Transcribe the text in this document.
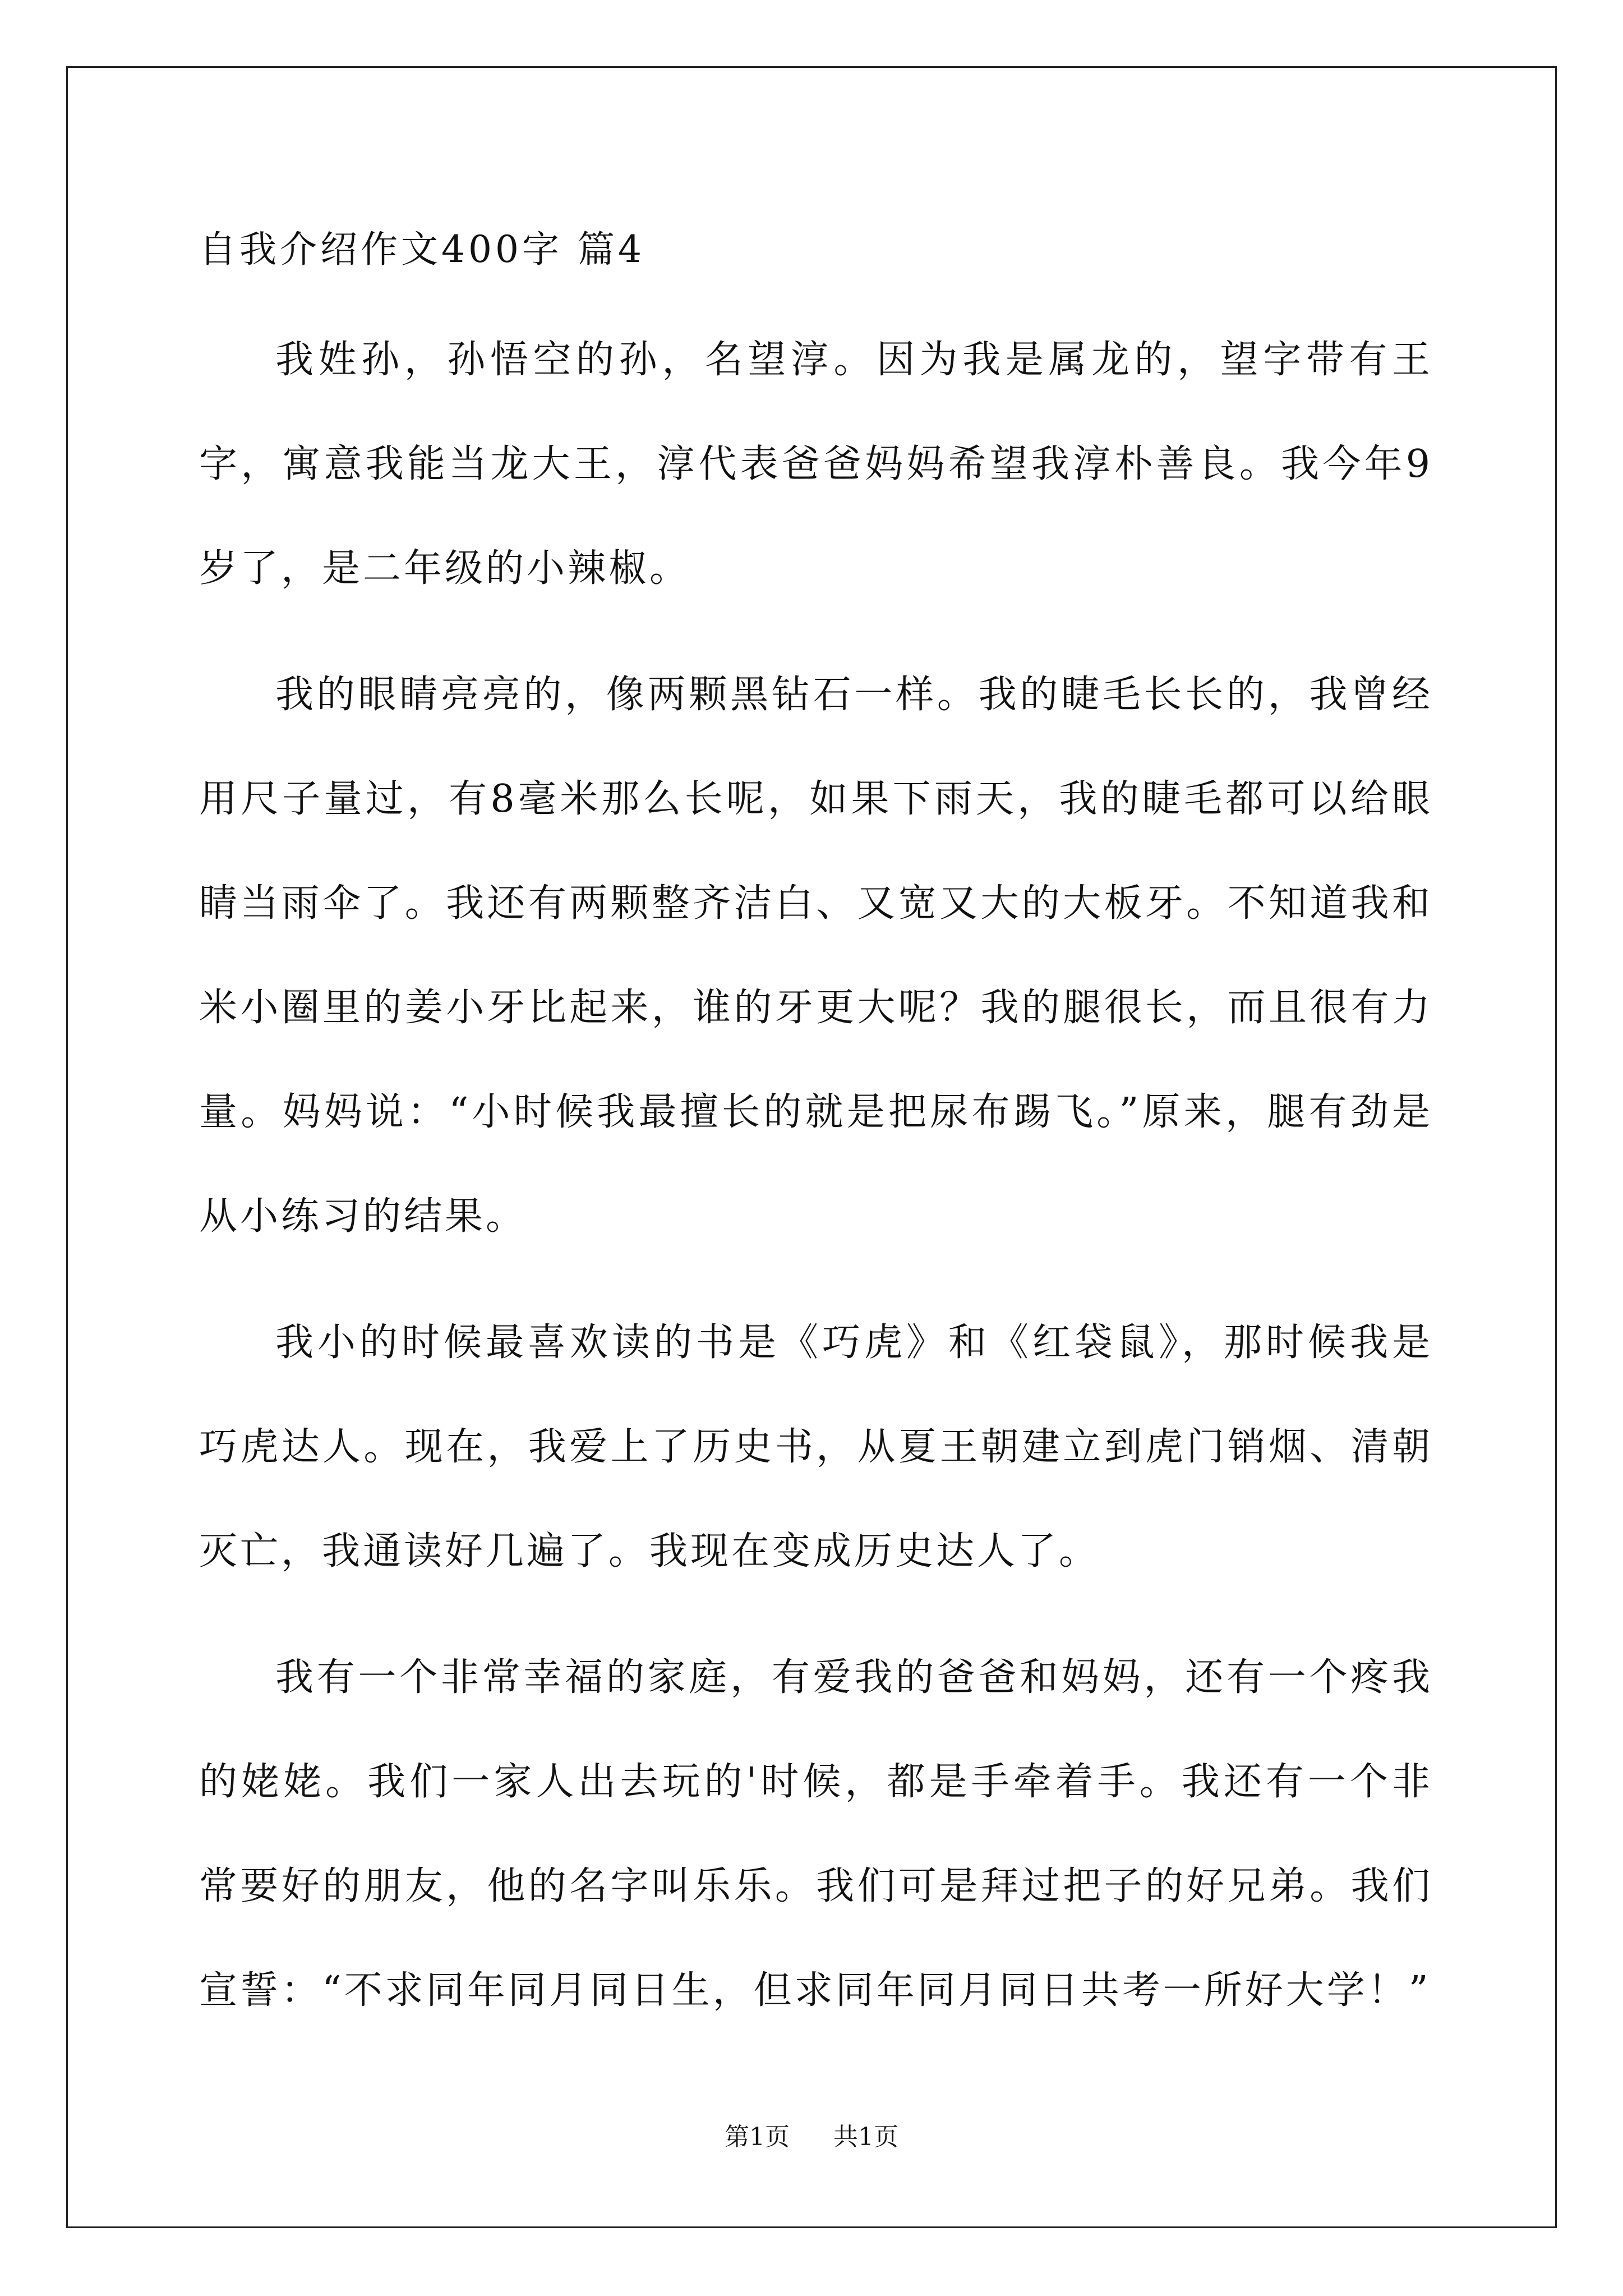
自我介绍作文400字 篇4

我姓孙，孙悟空的孙，名望淳。因为我是属龙的，望字带有王字，寓意我能当龙大王，淳代表爸爸妈妈希望我淳朴善良。我今年9岁了，是二年级的小辣椒。

我的眼睛亮亮的，像两颗黑钻石一样。我的睫毛长长的，我曾经用尺子量过，有8毫米那么长呢，如果下雨天，我的睫毛都可以给眼睛当雨伞了。我还有两颗整齐洁白、又宽又大的大板牙。不知道我和米小圈里的姜小牙比起来，谁的牙更大呢？我的腿很长，而且很有力量。妈妈说：“小时候我最擅长的就是把尿布踢飞。”原来，腿有劲是从小练习的结果。

我小的时候最喜欢读的书是《巧虎》和《红袋鼠》，那时候我是巧虎达人。现在，我爱上了历史书，从夏王朝建立到虎门销烟、清朝灭亡，我通读好几遍了。我现在变成历史达人了。

我有一个非常幸福的家庭，有爱我的爸爸和妈妈，还有一个疼我的姥姥。我们一家人出去玩的'时候，都是手牵着手。我还有一个非常要好的朋友，他的名字叫乐乐。我们可是拜过把子的好兄弟。我们宣誓：“不求同年同月同日生，但求同年同月同日共考一所好大学！”

第1页 共1页
